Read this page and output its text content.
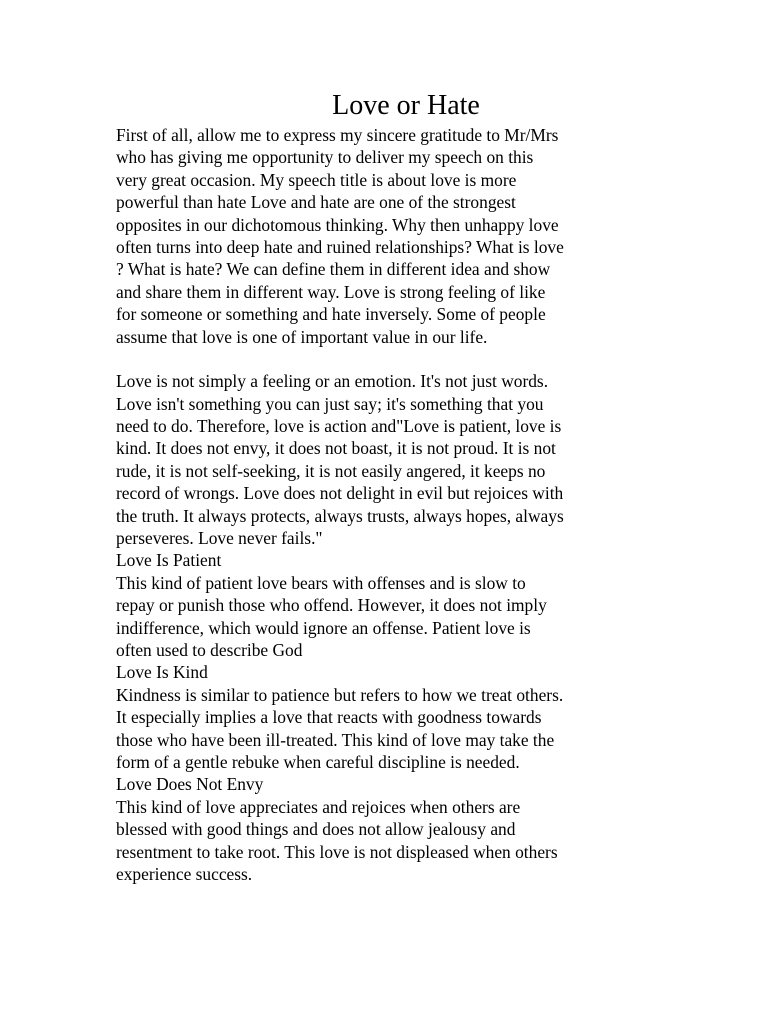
Love or Hate
First of all, allow me to express my sincere gratitude to Mr/Mrs
who has giving me opportunity to deliver my speech on this
very great occasion. My speech title is about love is more
powerful than hate Love and hate are one of the strongest
opposites in our dichotomous thinking. Why then unhappy love
often turns into deep hate and ruined relationships? What is love
? What is hate? We can define them in different idea and show
and share them in different way. Love is strong feeling of like
for someone or something and hate inversely. Some of people
assume that love is one of important value in our life.
Love is not simply a feeling or an emotion. It's not just words.
Love isn't something you can just say; it's something that you
need to do. Therefore, love is action and"Love is patient, love is
kind. It does not envy, it does not boast, it is not proud. It is not
rude, it is not self-seeking, it is not easily angered, it keeps no
record of wrongs. Love does not delight in evil but rejoices with
the truth. It always protects, always trusts, always hopes, always
perseveres. Love never fails."
Love Is Patient
This kind of patient love bears with offenses and is slow to
repay or punish those who offend. However, it does not imply
indifference, which would ignore an offense. Patient love is
often used to describe God
Love Is Kind
Kindness is similar to patience but refers to how we treat others.
It especially implies a love that reacts with goodness towards
those who have been ill-treated. This kind of love may take the
form of a gentle rebuke when careful discipline is needed.
Love Does Not Envy
This kind of love appreciates and rejoices when others are
blessed with good things and does not allow jealousy and
resentment to take root. This love is not displeased when others
experience success.
